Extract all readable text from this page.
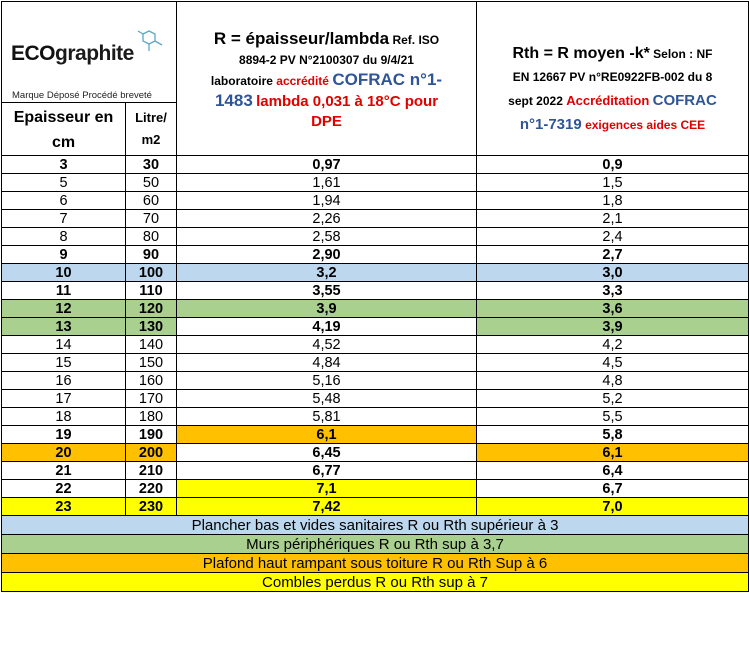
ECOgraphite
Marque Déposé Procédé breveté		R = épaisseur/lambda Ref. ISO
8894-2 PV N°2100307 du 9/4/21
laboratoire accrédité COFRAC n°1-
1483 lambda 0,031 à 18°C pour
DPE	Rth = R moyen -k* Selon : NF
EN 12667 PV n°RE0922FB-002 du 8
sept 2022 Accréditation COFRAC
n°1-7319 exigences aides CEE
Epaisseur en
cm	Litre/
m2		
3	30	0,97	0,9
5	50	1,61	1,5
6	60	1,94	1,8
7	70	2,26	2,1
8	80	2,58	2,4
9	90	2,90	2,7
10	100	3,2	3,0
11	110	3,55	3,3
12	120	3,9	3,6
13	130	4,19	3,9
14	140	4,52	4,2
15	150	4,84	4,5
16	160	5,16	4,8
17	170	5,48	5,2
18	180	5,81	5,5
19	190	6,1	5,8
20	200	6,45	6,1
21	210	6,77	6,4
22	220	7,1	6,7
23	230	7,42	7,0
Plancher bas et vides sanitaires R ou Rth supérieur à 3			
Murs périphériques R ou Rth sup à 3,7			
Plafond haut rampant sous toiture R ou Rth Sup à 6			
Combles perdus R ou Rth sup à 7			
